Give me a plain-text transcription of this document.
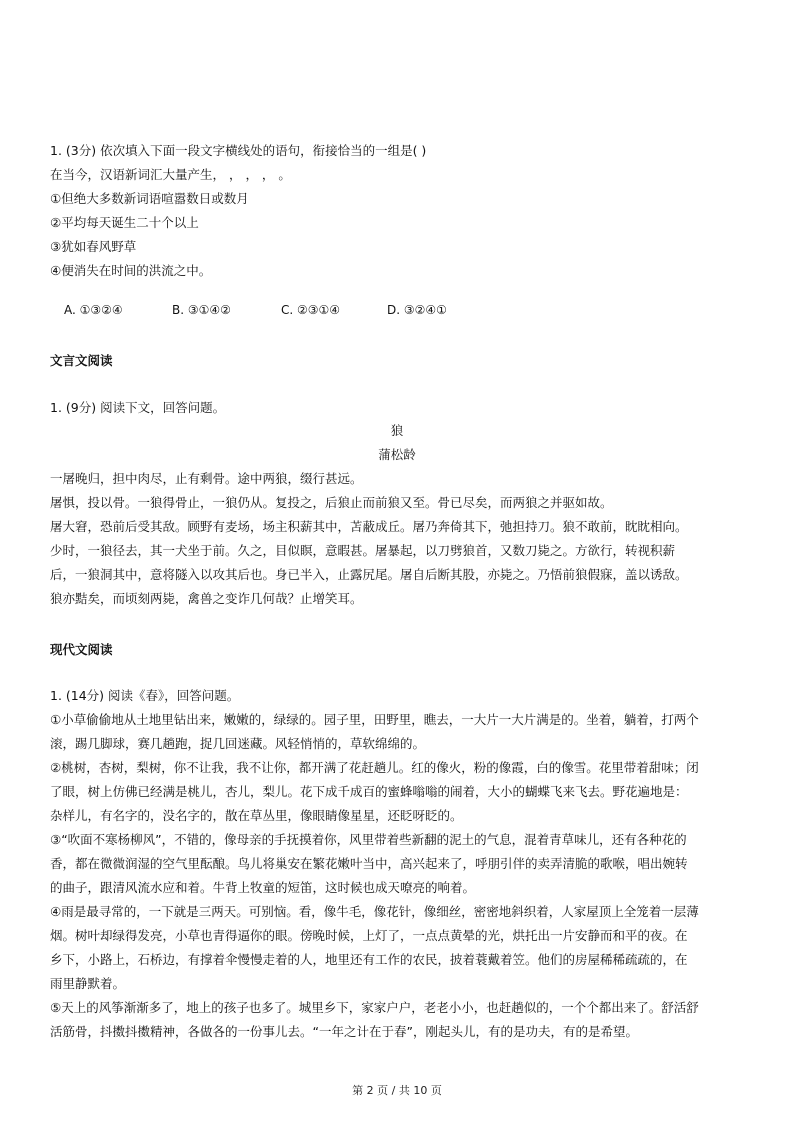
1. (3分) 依次填入下面一段文字横线处的语句，衔接恰当的一组是( )
在当今，汉语新词汇大量产生， ， ， ， 。
①但绝大多数新词语喧嚣数日或数月
②平均每天诞生二十个以上
③犹如春风野草
④便消失在时间的洪流之中。
A. ①③②④	B. ③①④②	C. ②③①④	D. ③②④①
文言文阅读
1. (9分) 阅读下文，回答问题。
狼
蒲松龄
一屠晚归，担中肉尽，止有剩骨。途中两狼，缀行甚远。
屠惧，投以骨。一狼得骨止，一狼仍从。复投之，后狼止而前狼又至。骨已尽矣，而两狼之并驱如故。
屠大窘，恐前后受其敌。顾野有麦场，场主积薪其中，苫蔽成丘。屠乃奔倚其下，弛担持刀。狼不敢前，眈眈相向。
少时，一狼径去，其一犬坐于前。久之，目似瞑，意暇甚。屠暴起，以刀劈狼首，又数刀毙之。方欲行，转视积薪
后，一狼洞其中，意将隧入以攻其后也。身已半入，止露尻尾。屠自后断其股，亦毙之。乃悟前狼假寐，盖以诱敌。
狼亦黠矣，而顷刻两毙，禽兽之变诈几何哉？止增笑耳。
现代文阅读
1. (14分) 阅读《春》，回答问题。
①小草偷偷地从土地里钻出来，嫩嫩的，绿绿的。园子里，田野里，瞧去，一大片一大片满是的。坐着，躺着，打两个
滚，踢几脚球，赛几趟跑，捉几回迷藏。风轻悄悄的，草软绵绵的。
②桃树，杏树，梨树，你不让我，我不让你，都开满了花赶趟儿。红的像火，粉的像霞，白的像雪。花里带着甜味；闭
了眼，树上仿佛已经满是桃儿，杏儿，梨儿。花下成千成百的蜜蜂嗡嗡的闹着，大小的蝴蝶飞来飞去。野花遍地是：
杂样儿，有名字的，没名字的，散在草丛里，像眼睛像星星，还眨呀眨的。
③“吹面不寒杨柳风”，不错的，像母亲的手抚摸着你，风里带着些新翻的泥土的气息，混着青草味儿，还有各种花的
香，都在微微润湿的空气里酝酿。鸟儿将巢安在繁花嫩叶当中，高兴起来了，呼朋引伴的卖弄清脆的歌喉，唱出婉转
的曲子，跟清风流水应和着。牛背上牧童的短笛，这时候也成天嘹亮的响着。
④雨是最寻常的，一下就是三两天。可别恼。看，像牛毛，像花针，像细丝，密密地斜织着，人家屋顶上全笼着一层薄
烟。树叶却绿得发亮，小草也青得逼你的眼。傍晚时候，上灯了，一点点黄晕的光，烘托出一片安静而和平的夜。在
乡下，小路上，石桥边，有撑着伞慢慢走着的人，地里还有工作的农民，披着蓑戴着笠。他们的房屋稀稀疏疏的，在
雨里静默着。
⑤天上的风筝渐渐多了，地上的孩子也多了。城里乡下，家家户户，老老小小，也赶趟似的，一个个都出来了。舒活舒
活筋骨，抖擞抖擞精神，各做各的一份事儿去。“一年之计在于春”，刚起头儿，有的是功夫，有的是希望。
第 2 页 / 共 10 页
